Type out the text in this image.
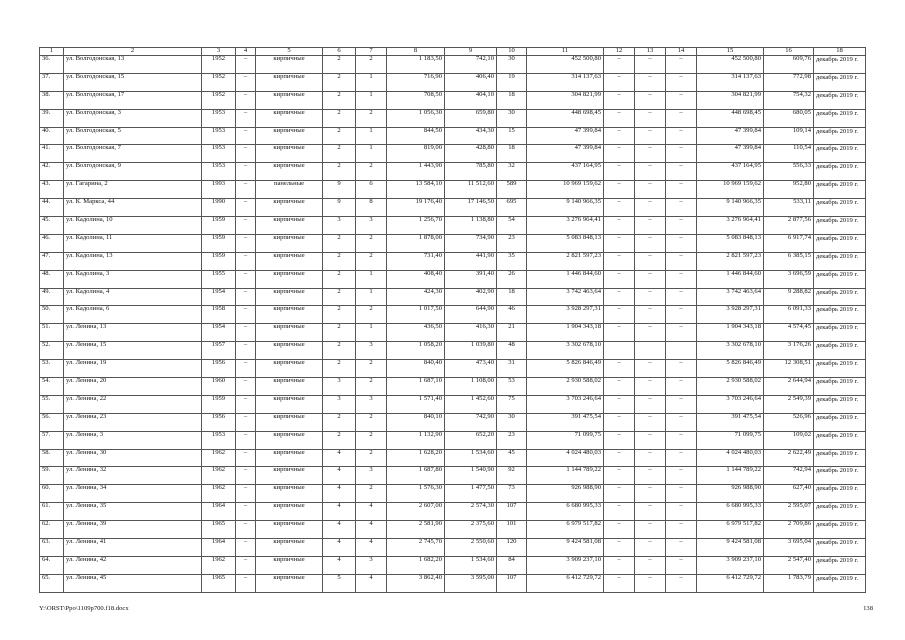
1	2	3	4	5	6	7	8	9	10	11	12	13	14	15	16	18
36.	ул. Волгодонская, 13	1952	–	кирпичные	2	2	1 183,50	742,10	30	452 500,80	–	–	–	452 500,80	609,76	декабрь 2019 г.
37.	ул. Волгодонская, 15	1952	–	кирпичные	2	1	716,90	406,40	19	314 137,63	–	–	–	314 137,63	772,98	декабрь 2019 г.
38.	ул. Волгодонская, 17	1952	–	кирпичные	2	1	708,50	404,10	18	304 821,99	–	–	–	304 821,99	754,32	декабрь 2019 г.
39.	ул. Волгодонская, 3	1953	–	кирпичные	2	2	1 056,30	659,80	30	448 698,45	–	–	–	448 698,45	680,05	декабрь 2019 г.
40.	ул. Волгодонская, 5	1953	–	кирпичные	2	1	844,50	434,30	15	47 399,84	–	–	–	47 399,84	109,14	декабрь 2019 г.
41.	ул. Волгодонская, 7	1953	–	кирпичные	2	1	819,00	428,80	18	47 399,84	–	–	–	47 399,84	110,54	декабрь 2019 г.
42.	ул. Волгодонская, 9	1953	–	кирпичные	2	2	1 443,90	785,80	32	437 164,95	–	–	–	437 164,95	556,33	декабрь 2019 г.
43.	ул. Гагарина, 2	1993	–	панельные	9	6	13 584,10	11 512,60	589	10 969 159,62	–	–	–	10 969 159,62	952,80	декабрь 2019 г.
44.	ул. К. Маркса, 44	1990	–	кирпичные	9	8	19 176,40	17 146,50	695	9 140 966,35	–	–	–	9 140 966,35	533,11	декабрь 2019 г.
45.	ул. Кадолина, 10	1959	–	кирпичные	3	3	1 256,70	1 138,80	54	3 276 964,41	–	–	–	3 276 964,41	2 877,56	декабрь 2019 г.
46.	ул. Кадолина, 11	1959	–	кирпичные	2	2	1 878,00	734,90	23	5 083 848,13	–	–	–	5 083 848,13	6 917,74	декабрь 2019 г.
47.	ул. Кадолина, 13	1959	–	кирпичные	2	2	731,40	441,90	35	2 821 597,23	–	–	–	2 821 597,23	6 385,15	декабрь 2019 г.
48.	ул. Кадолина, 3	1955	–	кирпичные	2	1	408,40	391,40	26	1 446 844,60	–	–	–	1 446 844,60	3 696,59	декабрь 2019 г.
49.	ул. Кадолина, 4	1954	–	кирпичные	2	1	424,30	402,90	18	3 742 463,64	–	–	–	3 742 463,64	9 288,82	декабрь 2019 г.
50.	ул. Кадолина, 6	1958	–	кирпичные	2	2	1 017,50	644,90	46	3 928 297,31	–	–	–	3 928 297,31	6 091,33	декабрь 2019 г.
51.	ул. Ленина, 13	1954	–	кирпичные	2	1	436,50	416,30	21	1 904 343,18	–	–	–	1 904 343,18	4 574,45	декабрь 2019 г.
52.	ул. Ленина, 15	1957	–	кирпичные	2	3	1 058,20	1 039,80	48	3 302 678,10				3 302 678,10	3 176,26	декабрь 2019 г.
53.	ул. Ленина, 19	1956	–	кирпичные	2	2	840,40	473,40	31	5 826 846,49	–	–	–	5 826 846,49	12 308,51	декабрь 2019 г.
54.	ул. Ленина, 20	1960	–	кирпичные	3	2	1 687,10	1 108,00	53	2 930 588,02	–	–	–	2 930 588,02	2 644,94	декабрь 2019 г.
55.	ул. Ленина, 22	1959	–	кирпичные	3	3	1 571,40	1 452,60	75	3 703 246,64	–	–	–	3 703 246,64	2 549,39	декабрь 2019 г.
56.	ул. Ленина, 23	1956	–	кирпичные	2	2	840,10	742,90	30	391 475,54	–	–	–	391 475,54	526,96	декабрь 2019 г.
57.	ул. Ленина, 3	1953	–	кирпичные	2	2	1 132,90	652,20	23	71 099,75	–	–	–	71 099,75	109,02	декабрь 2019 г.
58.	ул. Ленина, 30	1962	–	кирпичные	4	2	1 628,20	1 534,60	45	4 024 480,03	–	–	–	4 024 480,03	2 622,49	декабрь 2019 г.
59.	ул. Ленина, 32	1962	–	кирпичные	4	3	1 687,80	1 540,90	92	1 144 789,22	–	–	–	1 144 789,22	742,94	декабрь 2019 г.
60.	ул. Ленина, 34	1962	–	кирпичные	4	2	1 576,30	1 477,50	73	926 988,90	–	–	–	926 988,90	627,40	декабрь 2019 г.
61.	ул. Ленина, 35	1964	–	кирпичные	4	4	2 607,00	2 574,30	107	6 680 995,33	–	–	–	6 680 995,33	2 595,07	декабрь 2019 г.
62.	ул. Ленина, 39	1965	–	кирпичные	4	4	2 581,90	2 375,60	101	6 979 517,82	–	–	–	6 979 517,82	2 709,86	декабрь 2019 г.
63.	ул. Ленина, 41	1964	–	кирпичные	4	4	2 745,70	2 550,60	120	9 424 581,08	–	–	–	9 424 581,08	3 695,04	декабрь 2019 г.
64.	ул. Ленина, 42	1962	–	кирпичные	4	3	1 682,20	1 534,60	84	3 909 237,10	–	–	–	3 909 237,10	2 547,40	декабрь 2019 г.
65.	ул. Ленина, 45	1965	–	кирпичные	5	4	3 862,40	3 595,00	107	6 412 729,72	–	–	–	6 412 729,72	1 783,79	декабрь 2019 г.
Y:\ORST\Ppo\1109p700.f18.docx	138
